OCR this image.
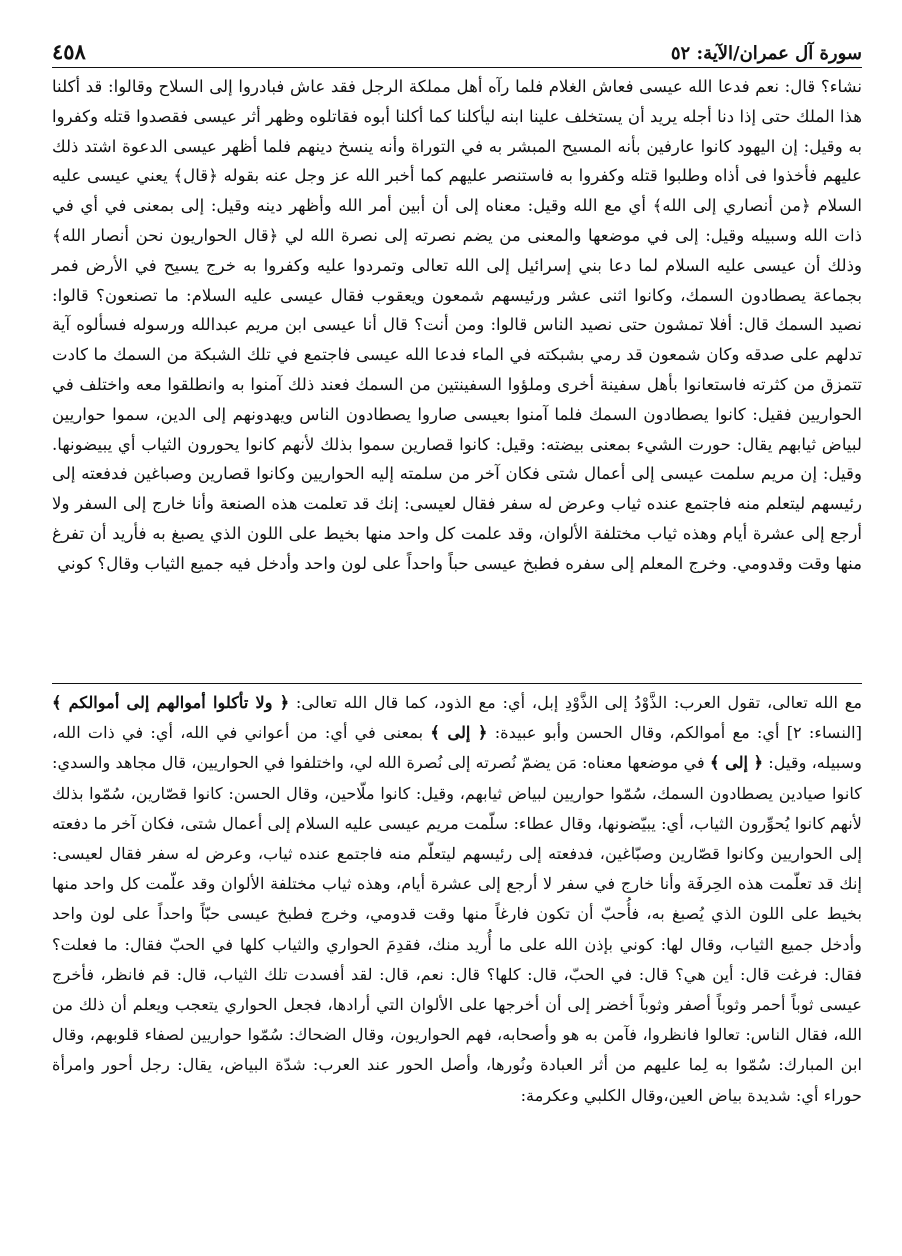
سورة آل عمران/الآية: ٥٢
٤٥٨

نشاء؟ قال: نعم فدعا الله عيسى فعاش الغلام فلما رآه أهل مملكة الرجل فقد عاش فبادروا إلى السلاح وقالوا: قد أكلنا هذا الملك حتى إذا دنا أجله يريد أن يستخلف علينا ابنه ليأكلنا كما أكلنا أبوه فقاتلوه وظهر أثر عيسى فقصدوا قتله وكفروا به وقيل: إن اليهود كانوا عارفين بأنه المسيح المبشر به في التوراة وأنه ينسخ دينهم فلما أظهر عيسى الدعوة اشتد ذلك عليهم فأخذوا فى أذاه وطلبوا قتله وكفروا به فاستنصر عليهم كما أخبر الله عز وجل عنه بقوله ﴿قال﴾ يعني عيسى عليه السلام ﴿من أنصاري إلى الله﴾ أي مع الله وقيل: معناه إلى أن أبين أمر الله وأظهر دينه وقيل: إلى بمعنى في أي في ذات الله وسبيله وقيل: إلى في موضعها والمعنى من يضم نصرته إلى نصرة الله لي ﴿قال الحواريون نحن أنصار الله﴾ وذلك أن عيسى عليه السلام لما دعا بني إسرائيل إلى الله تعالى وتمردوا عليه وكفروا به خرج يسيح في الأرض فمر بجماعة يصطادون السمك، وكانوا اثنى عشر ورئيسهم شمعون ويعقوب فقال عيسى عليه السلام: ما تصنعون؟ قالوا: نصيد السمك قال: أفلا تمشون حتى نصيد الناس قالوا: ومن أنت؟ قال أنا عيسى ابن مريم عبدالله ورسوله فسألوه آية تدلهم على صدقه وكان شمعون قد رمي بشبكته في الماء فدعا الله عيسى فاجتمع في تلك الشبكة من السمك ما كادت تتمزق من كثرته فاستعانوا بأهل سفينة أخرى وملؤوا السفينتين من السمك فعند ذلك آمنوا به وانطلقوا معه واختلف في الحواريين فقيل: كانوا يصطادون السمك فلما آمنوا بعيسى صاروا يصطادون الناس ويهدونهم إلى الدين، سموا حواريين لبياض ثيابهم يقال: حورت الشيء بمعنى بيضته: وقيل: كانوا قصارين سموا بذلك لأنهم كانوا يحورون الثياب أي يبيضونها. وقيل: إن مريم سلمت عيسى إلى أعمال شتى فكان آخر من سلمته إليه الحواريين وكانوا قصارين وصباغين فدفعته إلى رئيسهم ليتعلم منه فاجتمع عنده ثياب وعرض له سفر فقال لعيسى: إنك قد تعلمت هذه الصنعة وأنا خارج إلى السفر ولا أرجع إلى عشرة أيام وهذه ثياب مختلفة الألوان، وقد علمت كل واحد منها بخيط على اللون الذي يصبغ به فأريد أن تفرغ منها وقت وقدومي. وخرج المعلم إلى سفره فطبخ عيسى حباً واحداً على لون واحد وأدخل فيه جميع الثياب وقال؟ كوني

مع الله تعالى، تقول العرب: الذَّوْدُ إلى الذَّوْدِ إبل، أي: مع الذود، كما قال الله تعالى: ﴿ ولا تأكلوا أموالهم إلى أموالكم ﴾ [النساء: ٢] أي: مع أموالكم، وقال الحسن وأبو عبيدة: ﴿ إلى ﴾ بمعنى في أي: من أعواني في الله، أي: في ذات الله، وسبيله، وقيل: ﴿ إلى ﴾ في موضعها معناه: مَن يضمّ نُصرته إلى نُصرة الله لي، واختلفوا في الحواريين، قال مجاهد والسدي: كانوا صيادين يصطادون السمك، سُمّوا حواريين لبياض ثيابهم، وقيل: كانوا ملّاحين، وقال الحسن: كانوا قصّارين، سُمّوا بذلك لأنهم كانوا يُحوِّرون الثياب، أي: يبيّضونها، وقال عطاء: سلّمت مريم عيسى عليه السلام إلى أعمال شتى، فكان آخر ما دفعته إلى الحواريين وكانوا قصّارين وصبّاغين، فدفعته إلى رئيسهم ليتعلّم منه فاجتمع عنده ثياب، وعرض له سفر فقال لعيسى: إنك قد تعلّمت هذه الحِرفَة وأنا خارج في سفر لا أرجع إلى عشرة أيام، وهذه ثياب مختلفة الألوان وقد علّمت كل واحد منها بخيط على اللون الذي يُصبغ به، فأُحبّ أن تكون فارغاً منها وقت قدومي، وخرج فطبخ عيسى حبّاً واحداً على لون واحد وأدخل جميع الثياب، وقال لها: كوني بإذن الله على ما أُريد منك، فقدِمَ الحواري والثياب كلها في الحبّ فقال: ما فعلت؟ فقال: فرغت قال: أين هي؟ قال: في الحبّ، قال: كلها؟ قال: نعم، قال: لقد أفسدت تلك الثياب، قال: قم فانظر، فأخرج عيسى ثوباً أحمر وثوباً أصفر وثوباً أخضر إلى أن أخرجها على الألوان التي أرادها، فجعل الحواري يتعجب ويعلم أن ذلك من الله، فقال الناس: تعالوا فانظروا، فآمن به هو وأصحابه، فهم الحواريون، وقال الضحاك: سُمّوا حواريين لصفاء قلوبهم، وقال ابن المبارك: سُمّوا به لِما عليهم من أثر العبادة ونُورها، وأصل الحور عند العرب: شدّة البياض، يقال: رجل أحور وامرأة حوراء أي: شديدة بياض العين،وقال الكلبي وعكرمة:
